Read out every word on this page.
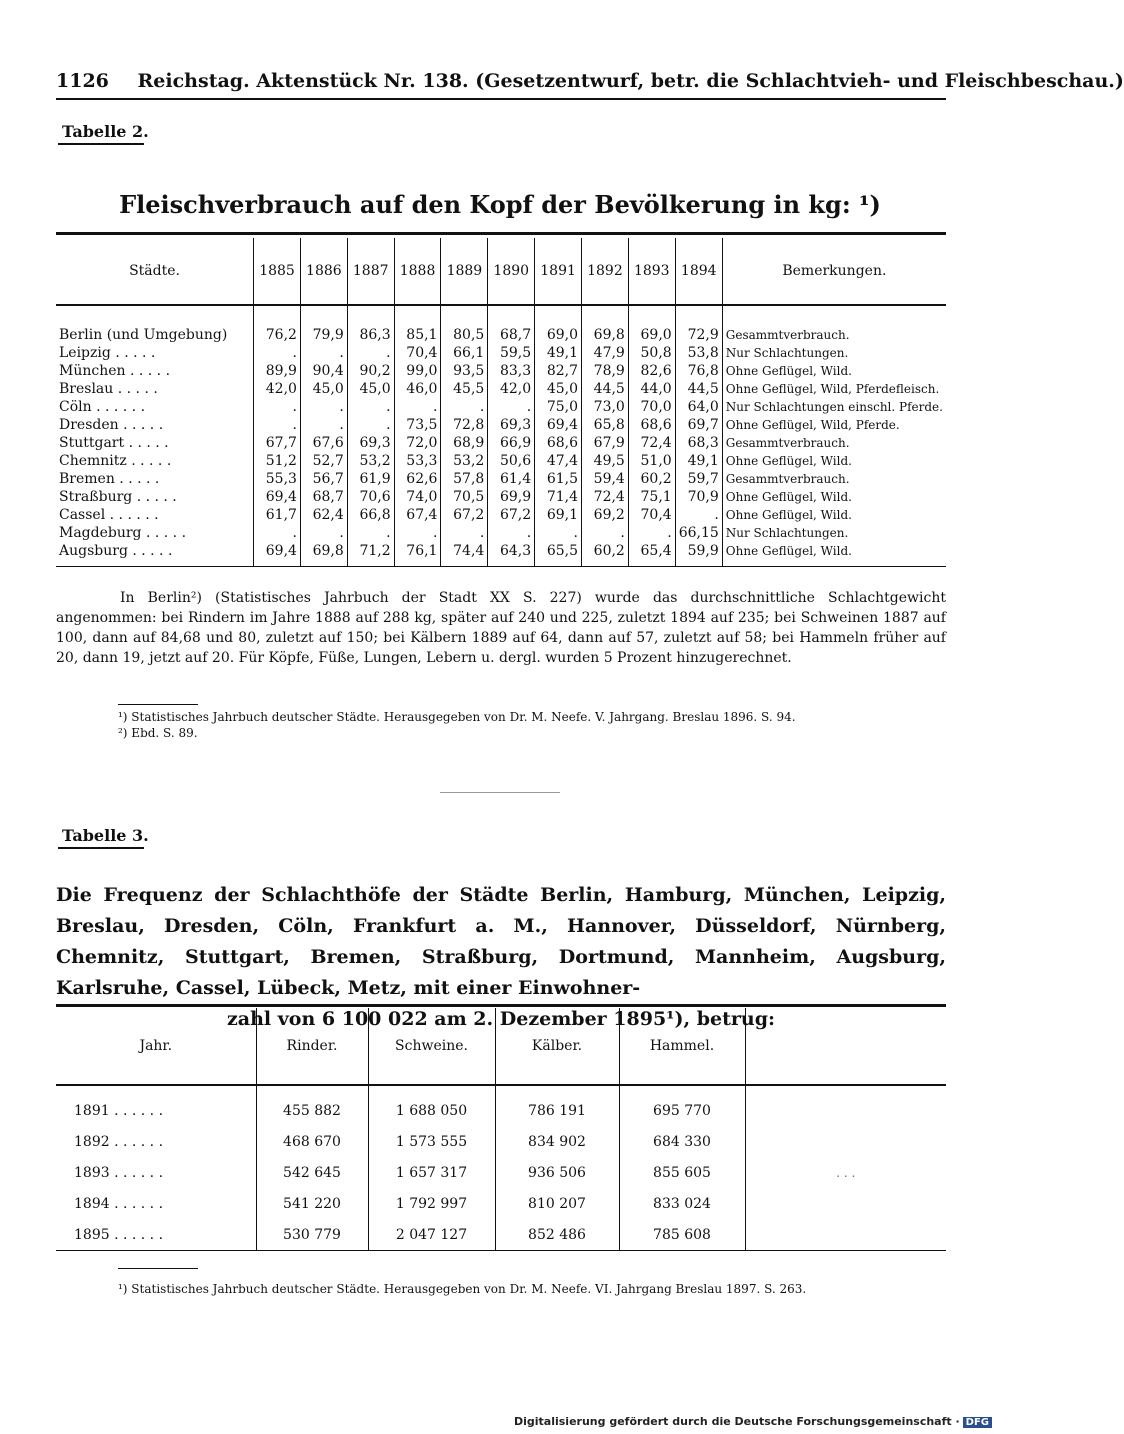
1126 Reichstag. Aktenstück Nr. 138. (Gesetzentwurf, betr. die Schlachtvieh- und Fleischbeschau.)
Tabelle 2.
Fleischverbrauch auf den Kopf der Bevölkerung in kg: ¹)
Städte.	1885	1886	1887	1888	1889	1890	1891	1892	1893	1894	Bemerkungen.
Berlin (und Umgebung)	76,2	79,9	86,3	85,1	80,5	68,7	69,0	69,8	69,0	72,9	Gesammtverbrauch.
Leipzig . . . . .	.	.	.	70,4	66,1	59,5	49,1	47,9	50,8	53,8	Nur Schlachtungen.
München . . . . .	89,9	90,4	90,2	99,0	93,5	83,3	82,7	78,9	82,6	76,8	Ohne Geflügel, Wild.
Breslau . . . . .	42,0	45,0	45,0	46,0	45,5	42,0	45,0	44,5	44,0	44,5	Ohne Geflügel, Wild, Pferdefleisch.
Cöln . . . . . .	.	.	.	.	.	.	75,0	73,0	70,0	64,0	Nur Schlachtungen einschl. Pferde.
Dresden . . . . .	.	.	.	73,5	72,8	69,3	69,4	65,8	68,6	69,7	Ohne Geflügel, Wild, Pferde.
Stuttgart . . . . .	67,7	67,6	69,3	72,0	68,9	66,9	68,6	67,9	72,4	68,3	Gesammtverbrauch.
Chemnitz . . . . .	51,2	52,7	53,2	53,3	53,2	50,6	47,4	49,5	51,0	49,1	Ohne Geflügel, Wild.
Bremen . . . . .	55,3	56,7	61,9	62,6	57,8	61,4	61,5	59,4	60,2	59,7	Gesammtverbrauch.
Straßburg . . . . .	69,4	68,7	70,6	74,0	70,5	69,9	71,4	72,4	75,1	70,9	Ohne Geflügel, Wild.
Cassel . . . . . .	61,7	62,4	66,8	67,4	67,2	67,2	69,1	69,2	70,4	.	Ohne Geflügel, Wild.
Magdeburg . . . . .	.	.	.	.	.	.	.	.	.	66,15	Nur Schlachtungen.
Augsburg . . . . .	69,4	69,8	71,2	76,1	74,4	64,3	65,5	60,2	65,4	59,9	Ohne Geflügel, Wild.

In Berlin²) (Statistisches Jahrbuch der Stadt XX S. 227) wurde das durchschnittliche Schlachtgewicht angenommen: bei Rindern im Jahre 1888 auf 288 kg, später auf 240 und 225, zuletzt 1894 auf 235; bei Schweinen 1887 auf 100, dann auf 84,68 und 80, zuletzt auf 150; bei Kälbern 1889 auf 64, dann auf 57, zuletzt auf 58; bei Hammeln früher auf 20, dann 19, jetzt auf 20. Für Köpfe, Füße, Lungen, Lebern u. dergl. wurden 5 Prozent hinzugerechnet.

¹) Statistisches Jahrbuch deutscher Städte. Herausgegeben von Dr. M. Neefe. V. Jahrgang. Breslau 1896. S. 94.
²) Ebd. S. 89.
Tabelle 3.
Die Frequenz der Schlachthöfe der Städte Berlin, Hamburg, München, Leipzig, Breslau, Dresden, Cöln, Frankfurt a. M., Hannover, Düsseldorf, Nürnberg, Chemnitz, Stuttgart, Bremen, Straßburg, Dortmund, Mannheim, Augsburg, Karlsruhe, Cassel, Lübeck, Metz, mit einer Einwohner-
zahl von 6 100 022 am 2. Dezember 1895¹), betrug:
Jahr.	Rinder.	Schweine.	Kälber.	Hammel.	
1891 . . . . . .	455 882	1 688 050	786 191	695 770	
1892 . . . . . .	468 670	1 573 555	834 902	684 330	
1893 . . . . . .	542 645	1 657 317	936 506	855 605	. . .
1894 . . . . . .	541 220	1 792 997	810 207	833 024	
1895 . . . . . .	530 779	2 047 127	852 486	785 608	
¹) Statistisches Jahrbuch deutscher Städte. Herausgegeben von Dr. M. Neefe. VI. Jahrgang Breslau 1897. S. 263.
Digitalisierung gefördert durch die Deutsche Forschungsgemeinschaft · DFG
